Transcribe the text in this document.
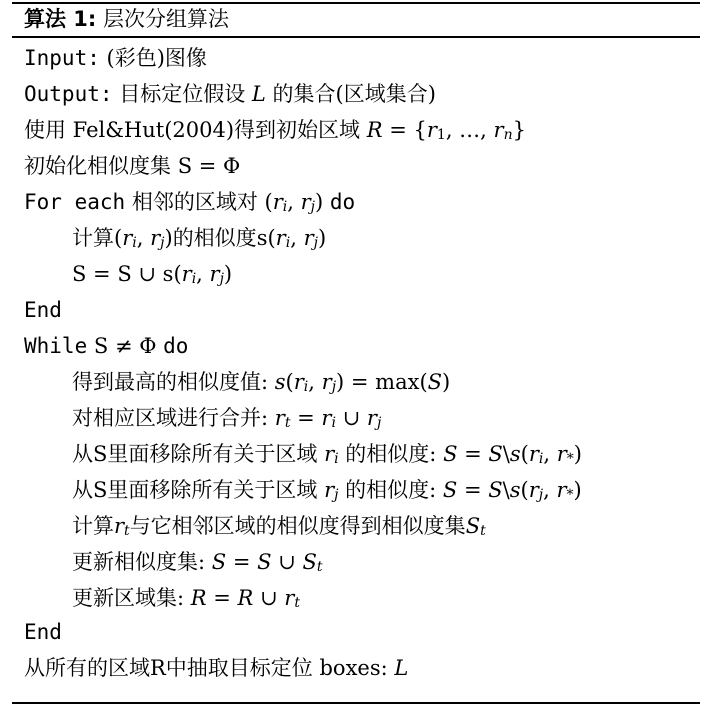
算法 1: 层次分组算法
Input: (彩色)图像
Output: 目标定位假设 L 的集合(区域集合)
使用 Fel&Hut(2004)得到初始区域 $R = \{r_1$, …, $r_n$}
初始化相似度集 S = Φ
For each 相邻的区域对 ($r_i$, $r_j$) do
计算($r_i$, $r_j$)的相似度$s(r_i$, $r_j$)
S = S ∪ $s(r_i$, $r_j$)
End
While S ≠ Φ do
得到最高的相似度值: $s(r_i$, $r_j) = \max(S)$
对相应区域进行合并: $r_t = r_i$ ∪ $r_j$
从S里面移除所有关于区域 $r_i$ 的相似度: $S = S\backslash s(r_i$, $r_*$)
从S里面移除所有关于区域 $r_j$ 的相似度: $S = S\backslash s(r_j$, $r_*$)
计算$r_t$与它相邻区域的相似度得到相似度集$S_t$
更新相似度集: S = S ∪ $S_t$
更新区域集: R = R ∪ $r_t$
End
从所有的区域R中抽取目标定位 boxes: L
